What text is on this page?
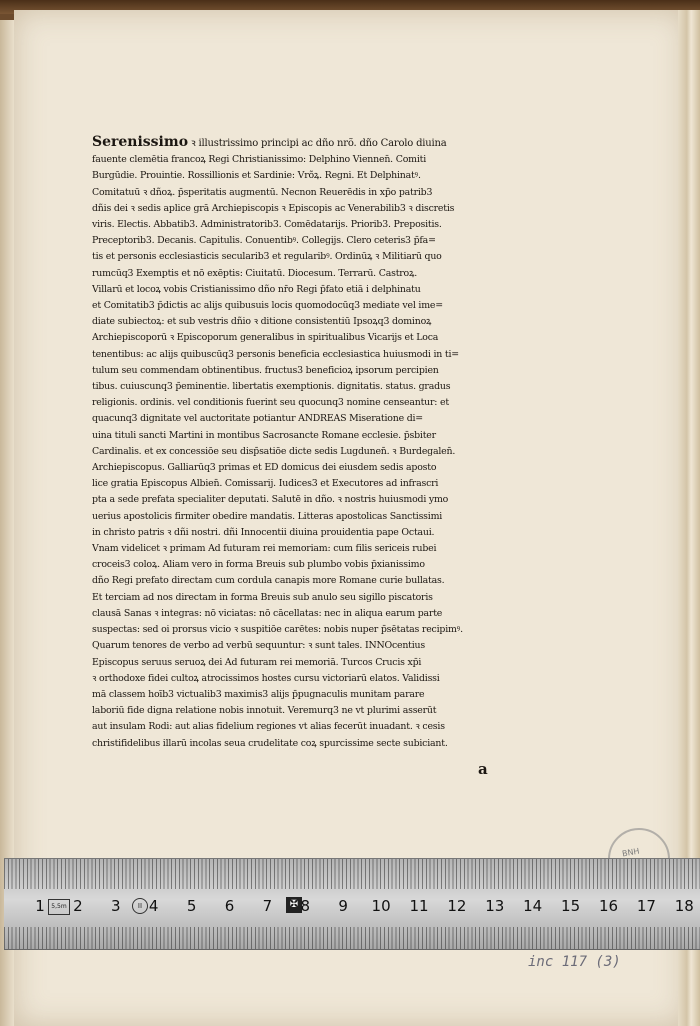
Serenissimo ꝛ illustrissimo principi ac dño nrõ. dño Carolo diuina
fauente clemētia francoꝝ Regi Christianissimo: Delphino Viennen̄. Comiti
Burgūdie. Prouintie. Rossillionis et Sardinie: Vrõꝝ. Regni. Et Delphinatꝰ.
Comitatuū ꝛ dñoꝝ. p̄speritatis augmentū. Necnon Reuerēdis in xp̄o patrib3
dñis dei ꝛ sedis aplice grā Archiepiscopis ꝛ Episcopis ac Venerabilib3 ꝛ discretis
viris. Electis. Abbatib3. Administratorib3. Comēdatarijs. Priorib3. Prepositis.
Preceptorib3. Decanis. Capitulis. Conuentibꝰ. Collegijs. Clero ceteris3 p̄fa=
tis et personis ecclesiasticis secularib3 et regularibꝰ. Ordinūꝝ ꝛ Militiarū quo
rumcūq3 Exemptis et nō exēptis: Ciuitatū. Diocesum. Terrarū. Castroꝝ.
Villarū et locoꝝ vobis Cristianissimo dño nr̄o Regi p̄fato etiā i delphinatu
et Comitatib3 p̄dictis ac alijs quibusuis locis quomodocūq3 mediate vel ime=
diate subiectoꝝ: et sub vestris dñio ꝛ ditione consistentiū Ipsoꝝq3 dominoꝝ
Archiepiscoporū ꝛ Episcoporum generalibus in spiritualibus Vicarijs et Loca
tenentibus: ac alijs quibuscūq3 personis beneficia ecclesiastica huiusmodi in ti=
tulum seu commendam obtinentibus. fructus3 beneficioꝝ ipsorum percipien
tibus. cuiuscunq3 p̄eminentie. libertatis exemptionis. dignitatis. status. gradus
religionis. ordinis. vel conditionis fuerint seu quocunq3 nomine censeantur: et
quacunq3 dignitate vel auctoritate potiantur ANDREAS Miseratione di=
uina tituli sancti Martini in montibus Sacrosancte Romane ecclesie. p̄sbiter
Cardinalis. et ex concessiōe seu disp̄satiōe dicte sedis Lugdunen̄. ꝛ Burdegalen̄.
Archiepiscopus. Galliarūq3 primas et ED domicus dei eiusdem sedis aposto
lice gratia Episcopus Albien̄. Comissarij. Iudices3 et Executores ad infrascri
pta a sede prefata specialiter deputati. Salutē in dño. ꝛ nostris huiusmodi ymo
uerius apostolicis firmiter obedire mandatis. Litteras apostolicas Sanctissimi
in christo patris ꝛ dñi nostri. dñi Innocentii diuina prouidentia pape Octaui.
Vnam videlicet ꝛ primam Ad futuram rei memoriam: cum filis sericeis rubei
croceis3 coloꝝ. Aliam vero in forma Breuis sub plumbo vobis p̄xianissimo
dño Regi prefato directam cum cordula canapis more Romane curie bullatas.
Et terciam ad nos directam in forma Breuis sub anulo seu sigillo piscatoris
clausā Sanas ꝛ integras: nō viciatas: nō cācellatas: nec in aliqua earum parte
suspectas: sed oi prorsus vicio ꝛ suspitiōe carētes: nobis nuper p̄sētatas recipimꝰ.
Quarum tenores de verbo ad verbū sequuntur: ꝛ sunt tales. INNOcentius
Episcopus seruus seruoꝝ dei Ad futuram rei memoriā. Turcos Crucis xp̄i
ꝛ orthodoxe fidei cultoꝝ atrocissimos hostes cursu victoriarū elatos. Validissi
mā classem hoīb3 victualib3 maximis3 alijs p̄pugnaculis munitam parare
laboriū fide digna relatione nobis innotuit. Veremurq3 ne vt plurimi asserūt
aut insulam Rodi: aut alias fidelium regiones vt alias fecerūt inuadant. ꝛ cesis
christifidelibus illarū incolas seua crudelitate coꝝ spurcissime secte subiciant.
a
BNH
5,5m	II	✠
1 2 3 4 5 6 7 8 9 10 11 12 13 14 15 16 17 18
inc 117 (3)
